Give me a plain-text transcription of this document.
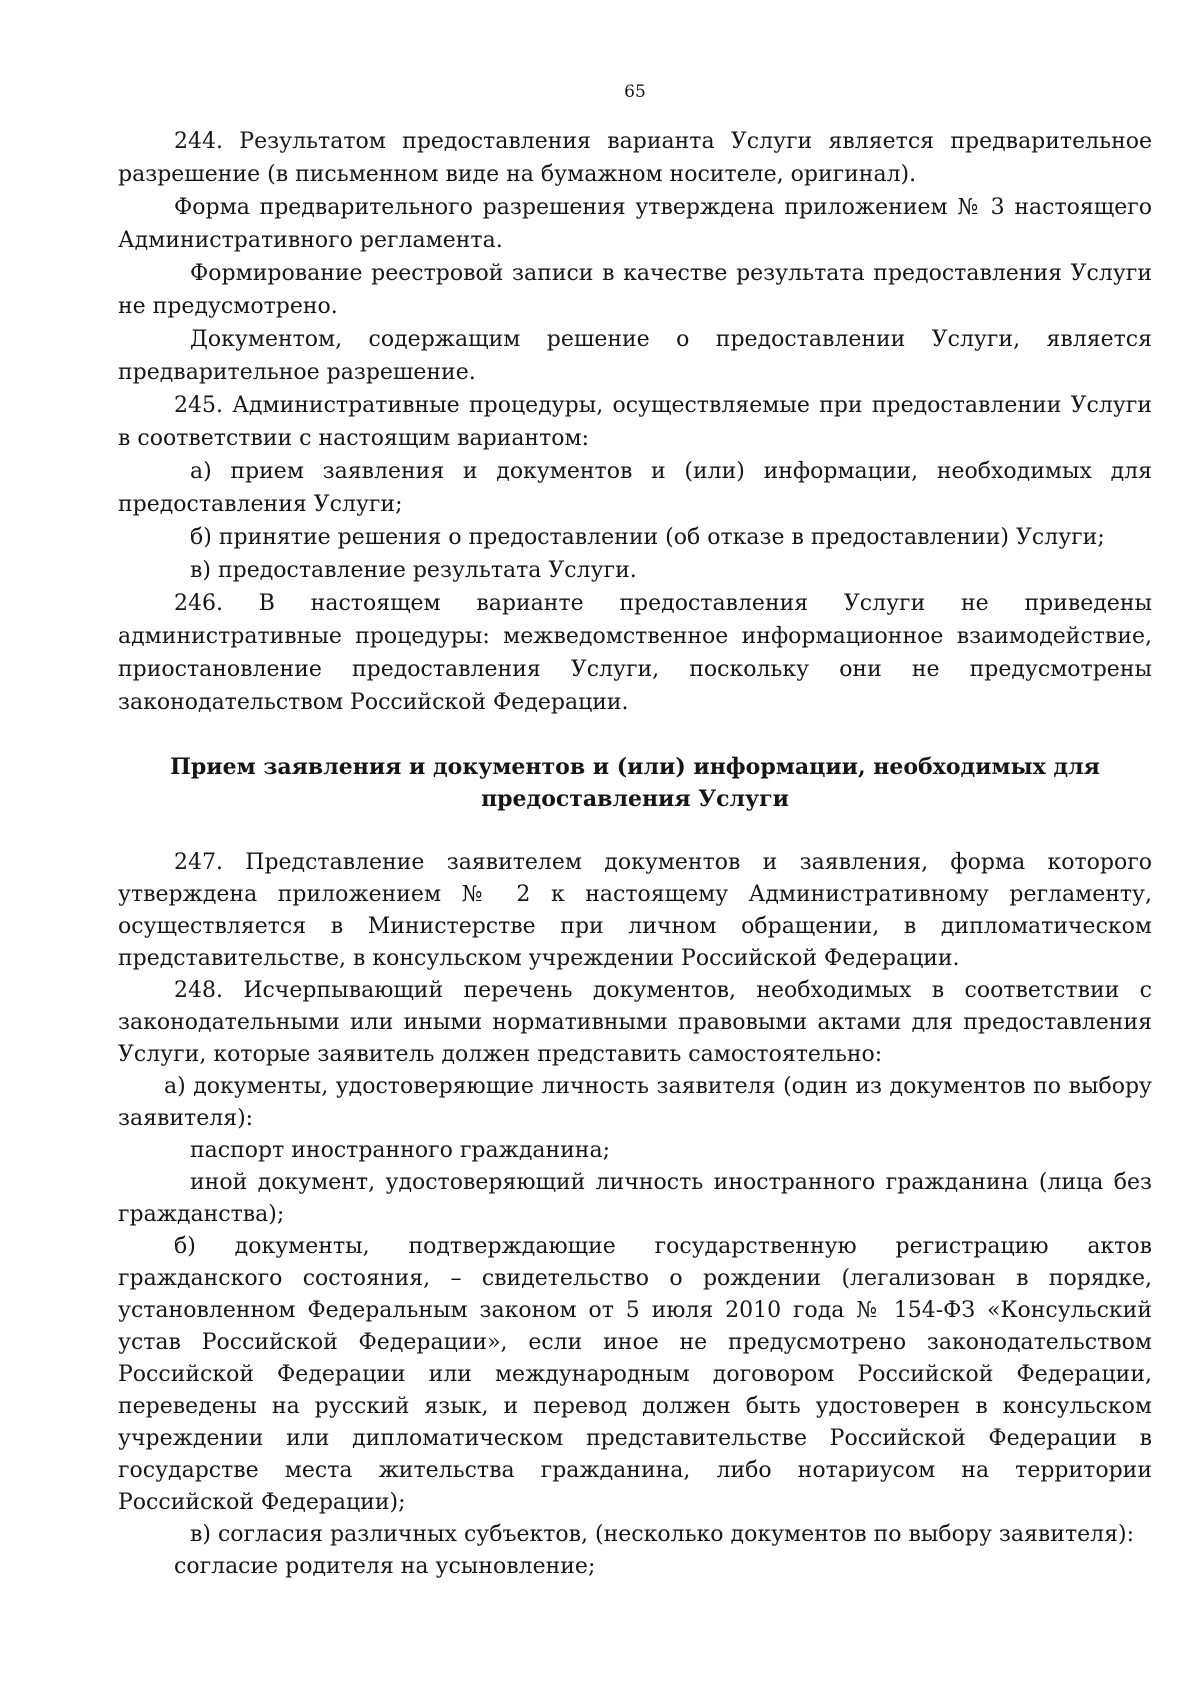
65

244. Результатом предоставления варианта Услуги является предварительное разрешение (в письменном виде на бумажном носителе, оригинал).

Форма предварительного разрешения утверждена приложением № 3 настоящего Административного регламента.

Формирование реестровой записи в качестве результата предоставления Услуги не предусмотрено.

Документом, содержащим решение о предоставлении Услуги, является предварительное разрешение.

245. Административные процедуры, осуществляемые при предоставлении Услуги в соответствии с настоящим вариантом:

а) прием заявления и документов и (или) информации, необходимых для предоставления Услуги;

б) принятие решения о предоставлении (об отказе в предоставлении) Услуги;

в) предоставление результата Услуги.

246. В настоящем варианте предоставления Услуги не приведены административные процедуры: межведомственное информационное взаимодействие, приостановление предоставления Услуги, поскольку они не предусмотрены законодательством Российской Федерации.

Прием заявления и документов и (или) информации, необходимых для предоставления Услуги

247. Представление заявителем документов и заявления, форма которого утверждена приложением № 2 к настоящему Административному регламенту, осуществляется в Министерстве при личном обращении, в дипломатическом представительстве, в консульском учреждении Российской Федерации.

248. Исчерпывающий перечень документов, необходимых в соответствии с законодательными или иными нормативными правовыми актами для предоставления Услуги, которые заявитель должен представить самостоятельно:

а) документы, удостоверяющие личность заявителя (один из документов по выбору заявителя):

паспорт иностранного гражданина;

иной документ, удостоверяющий личность иностранного гражданина (лица без гражданства);

б) документы, подтверждающие государственную регистрацию актов гражданского состояния, – свидетельство о рождении (легализован в порядке, установленном Федеральным законом от 5 июля 2010 года № 154-ФЗ «Консульский устав Российской Федерации», если иное не предусмотрено законодательством Российской Федерации или международным договором Российской Федерации, переведены на русский язык, и перевод должен быть удостоверен в консульском учреждении или дипломатическом представительстве Российской Федерации в государстве места жительства гражданина, либо нотариусом на территории Российской Федерации);

в) согласия различных субъектов, (несколько документов по выбору заявителя):

согласие родителя на усыновление;
